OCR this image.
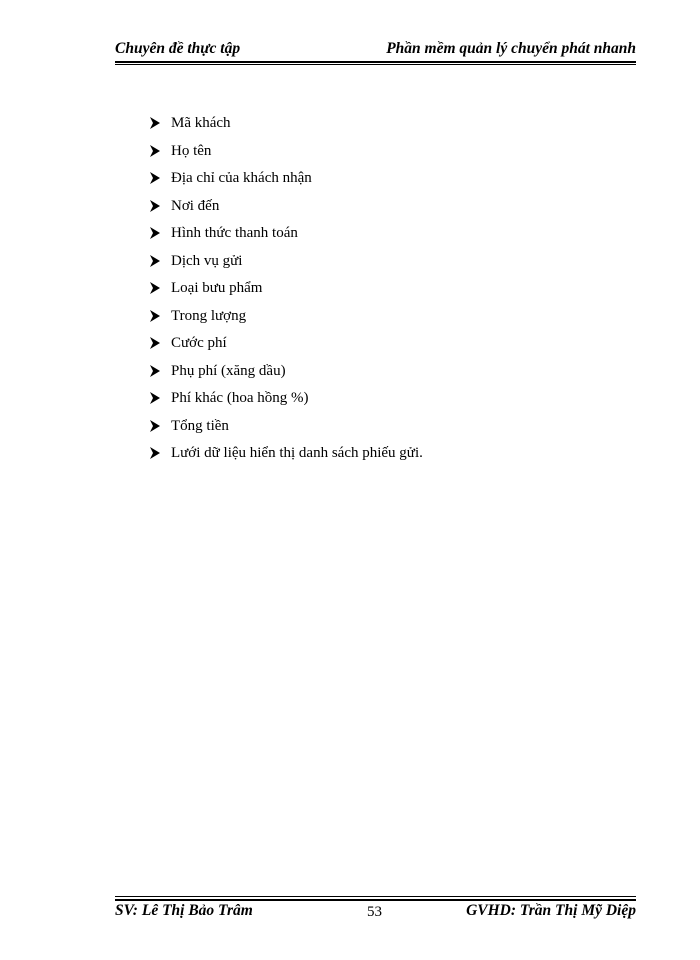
Chuyên đề thực tập	Phần mềm quản lý chuyển phát nhanh
Mã khách
Họ tên
Địa chỉ của khách nhận
Nơi đến
Hình thức thanh toán
Dịch vụ gửi
Loại bưu phẩm
Trong lượng
Cước phí
Phụ phí (xăng dầu)
Phí khác (hoa hồng %)
Tổng tiền
Lưới dữ liệu hiển thị danh sách phiếu gửi.
SV: Lê Thị Bảo Trâm	53	GVHD: Trần Thị Mỹ Diệp
